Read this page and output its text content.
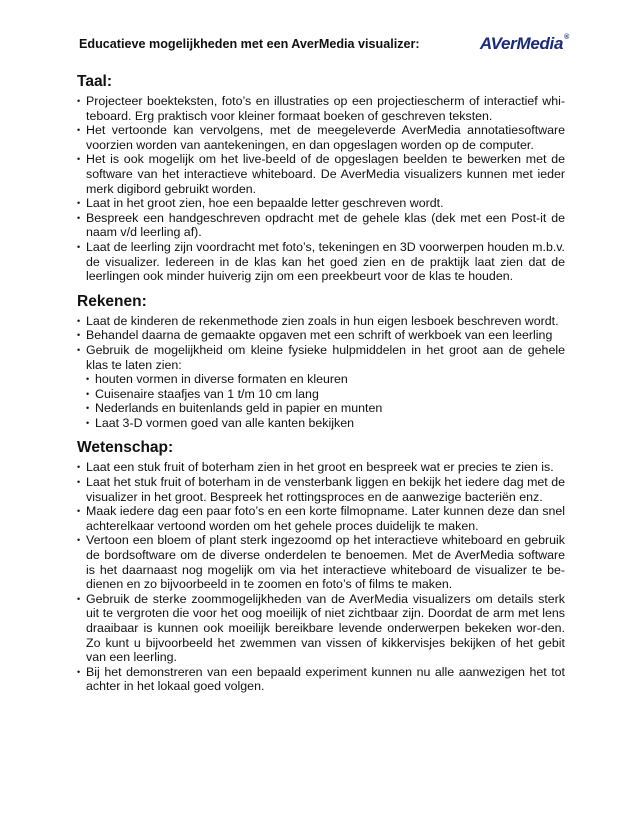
Educatieve mogelijkheden met een AverMedia visualizer:	AVerMedia®
Taal:
• Projecteer boekteksten, foto’s en illustraties op een projectiescherm of interactief whi-teboard. Erg praktisch voor kleiner formaat boeken of geschreven teksten.
• Het vertoonde kan vervolgens, met de meegeleverde AverMedia annotatiesoftware voorzien worden van aantekeningen, en dan opgeslagen worden op de computer.
• Het is ook mogelijk om het live-beeld of de opgeslagen beelden te bewerken met de software van het interactieve whiteboard. De AverMedia visualizers kunnen met ieder merk digibord gebruikt worden.
• Laat in het groot zien, hoe een bepaalde letter geschreven wordt.
• Bespreek een handgeschreven opdracht met de gehele klas (dek met een Post-it de naam v/d leerling af).
• Laat de leerling zijn voordracht met foto’s, tekeningen en 3D voorwerpen houden m.b.v. de visualizer. Iedereen in de klas kan het goed zien en de praktijk laat zien dat de leerlingen ook minder huiverig zijn om een preekbeurt voor de klas te houden.
Rekenen:
• Laat de kinderen de rekenmethode zien zoals in hun eigen lesboek beschreven wordt.
• Behandel daarna de gemaakte opgaven met een schrift of werkboek van een leerling
• Gebruik de mogelijkheid om kleine fysieke hulpmiddelen in het groot aan de gehele klas te laten zien:
• houten vormen in diverse formaten en kleuren
• Cuisenaire staafjes van 1 t/m 10 cm lang
• Nederlands en buitenlands geld in papier en munten
• Laat 3-D vormen goed van alle kanten bekijken
Wetenschap:
• Laat een stuk fruit of boterham zien in het groot en bespreek wat er precies te zien is.
• Laat het stuk fruit of boterham in de vensterbank liggen en bekijk het iedere dag met de visualizer in het groot. Bespreek het rottingsproces en de aanwezige bacteriën enz.
• Maak iedere dag een paar foto’s en een korte filmopname. Later kunnen deze dan snel achterelkaar vertoond worden om het gehele proces duidelijk te maken.
• Vertoon een bloem of plant sterk ingezoomd op het interactieve whiteboard en gebruik de bordsoftware om de diverse onderdelen te benoemen. Met de AverMedia software is het daarnaast nog mogelijk om via het interactieve whiteboard de visualizer te be-dienen en zo bijvoorbeeld in te zoomen en foto’s of films te maken.
• Gebruik de sterke zoommogelijkheden van de AverMedia visualizers om details sterk uit te vergroten die voor het oog moeilijk of niet zichtbaar zijn. Doordat de arm met lens draaibaar is kunnen ook moeilijk bereikbare levende onderwerpen bekeken wor-den. Zo kunt u bijvoorbeeld het zwemmen van vissen of kikkervisjes bekijken of het gebit van een leerling.
• Bij het demonstreren van een bepaald experiment kunnen nu alle aanwezigen het tot achter in het lokaal goed volgen.
